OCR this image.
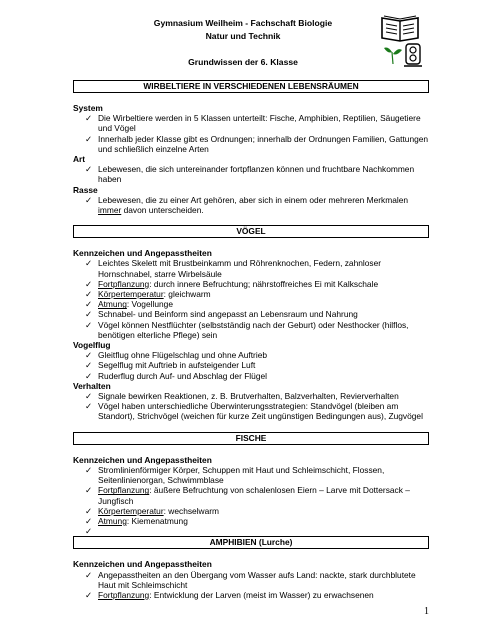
Gymnasium Weilheim - Fachschaft Biologie
Natur und Technik
Grundwissen der 6. Klasse
WIRBELTIERE IN VERSCHIEDENEN LEBENSRÄUMEN
System
✓ Die Wirbeltiere werden in 5 Klassen unterteilt: Fische, Amphibien, Reptilien, Säugetiere und Vögel
✓ Innerhalb jeder Klasse gibt es Ordnungen; innerhalb der Ordnungen Familien, Gattungen und schließlich einzelne Arten
Art
✓ Lebewesen, die sich untereinander fortpflanzen können und fruchtbare Nachkommen haben
Rasse
✓ Lebewesen, die zu einer Art gehören, aber sich in einem oder mehreren Merkmalen immer davon unterscheiden.
VÖGEL
Kennzeichen und Angepasstheiten
✓ Leichtes Skelett mit Brustbeinkamm und Röhrenknochen, Federn, zahnloser Hornschnabel, starre Wirbelsäule
✓ Fortpflanzung: durch innere Befruchtung; nährstoffreiches Ei mit Kalkschale
✓ Körpertemperatur: gleichwarm
✓ Atmung: Vogellunge
✓ Schnabel- und Beinform sind angepasst an Lebensraum und Nahrung
✓ Vögel können Nestflüchter (selbstständig nach der Geburt) oder Nesthocker (hilflos, benötigen elterliche Pflege) sein
Vogelflug
✓ Gleitflug ohne Flügelschlag und ohne Auftrieb
✓ Segelflug mit Auftrieb in aufsteigender Luft
✓ Ruderflug durch Auf- und Abschlag der Flügel
Verhalten
✓ Signale bewirken Reaktionen, z. B. Brutverhalten, Balzverhalten, Revierverhalten
✓ Vögel haben unterschiedliche Überwinterungsstrategien: Standvögel (bleiben am Standort), Strichvögel (weichen für kurze Zeit ungünstigen Bedingungen aus), Zugvögel
FISCHE
Kennzeichen und Angepasstheiten
✓ Stromlinienförmiger Körper, Schuppen mit Haut und Schleimschicht, Flossen, Seitenlinienorgan, Schwimmblase
✓ Fortpflanzung: äußere Befruchtung von schalenlosen Eiern – Larve mit Dottersack – Jungfisch
✓ Körpertemperatur: wechselwarm
✓ Atmung: Kiemenatmung
✓
AMPHIBIEN (Lurche)
Kennzeichen und Angepasstheiten
✓ Angepasstheiten an den Übergang vom Wasser aufs Land: nackte, stark durchblutete Haut mit Schleimschicht
✓ Fortpflanzung: Entwicklung der Larven (meist im Wasser) zu erwachsenen
1
